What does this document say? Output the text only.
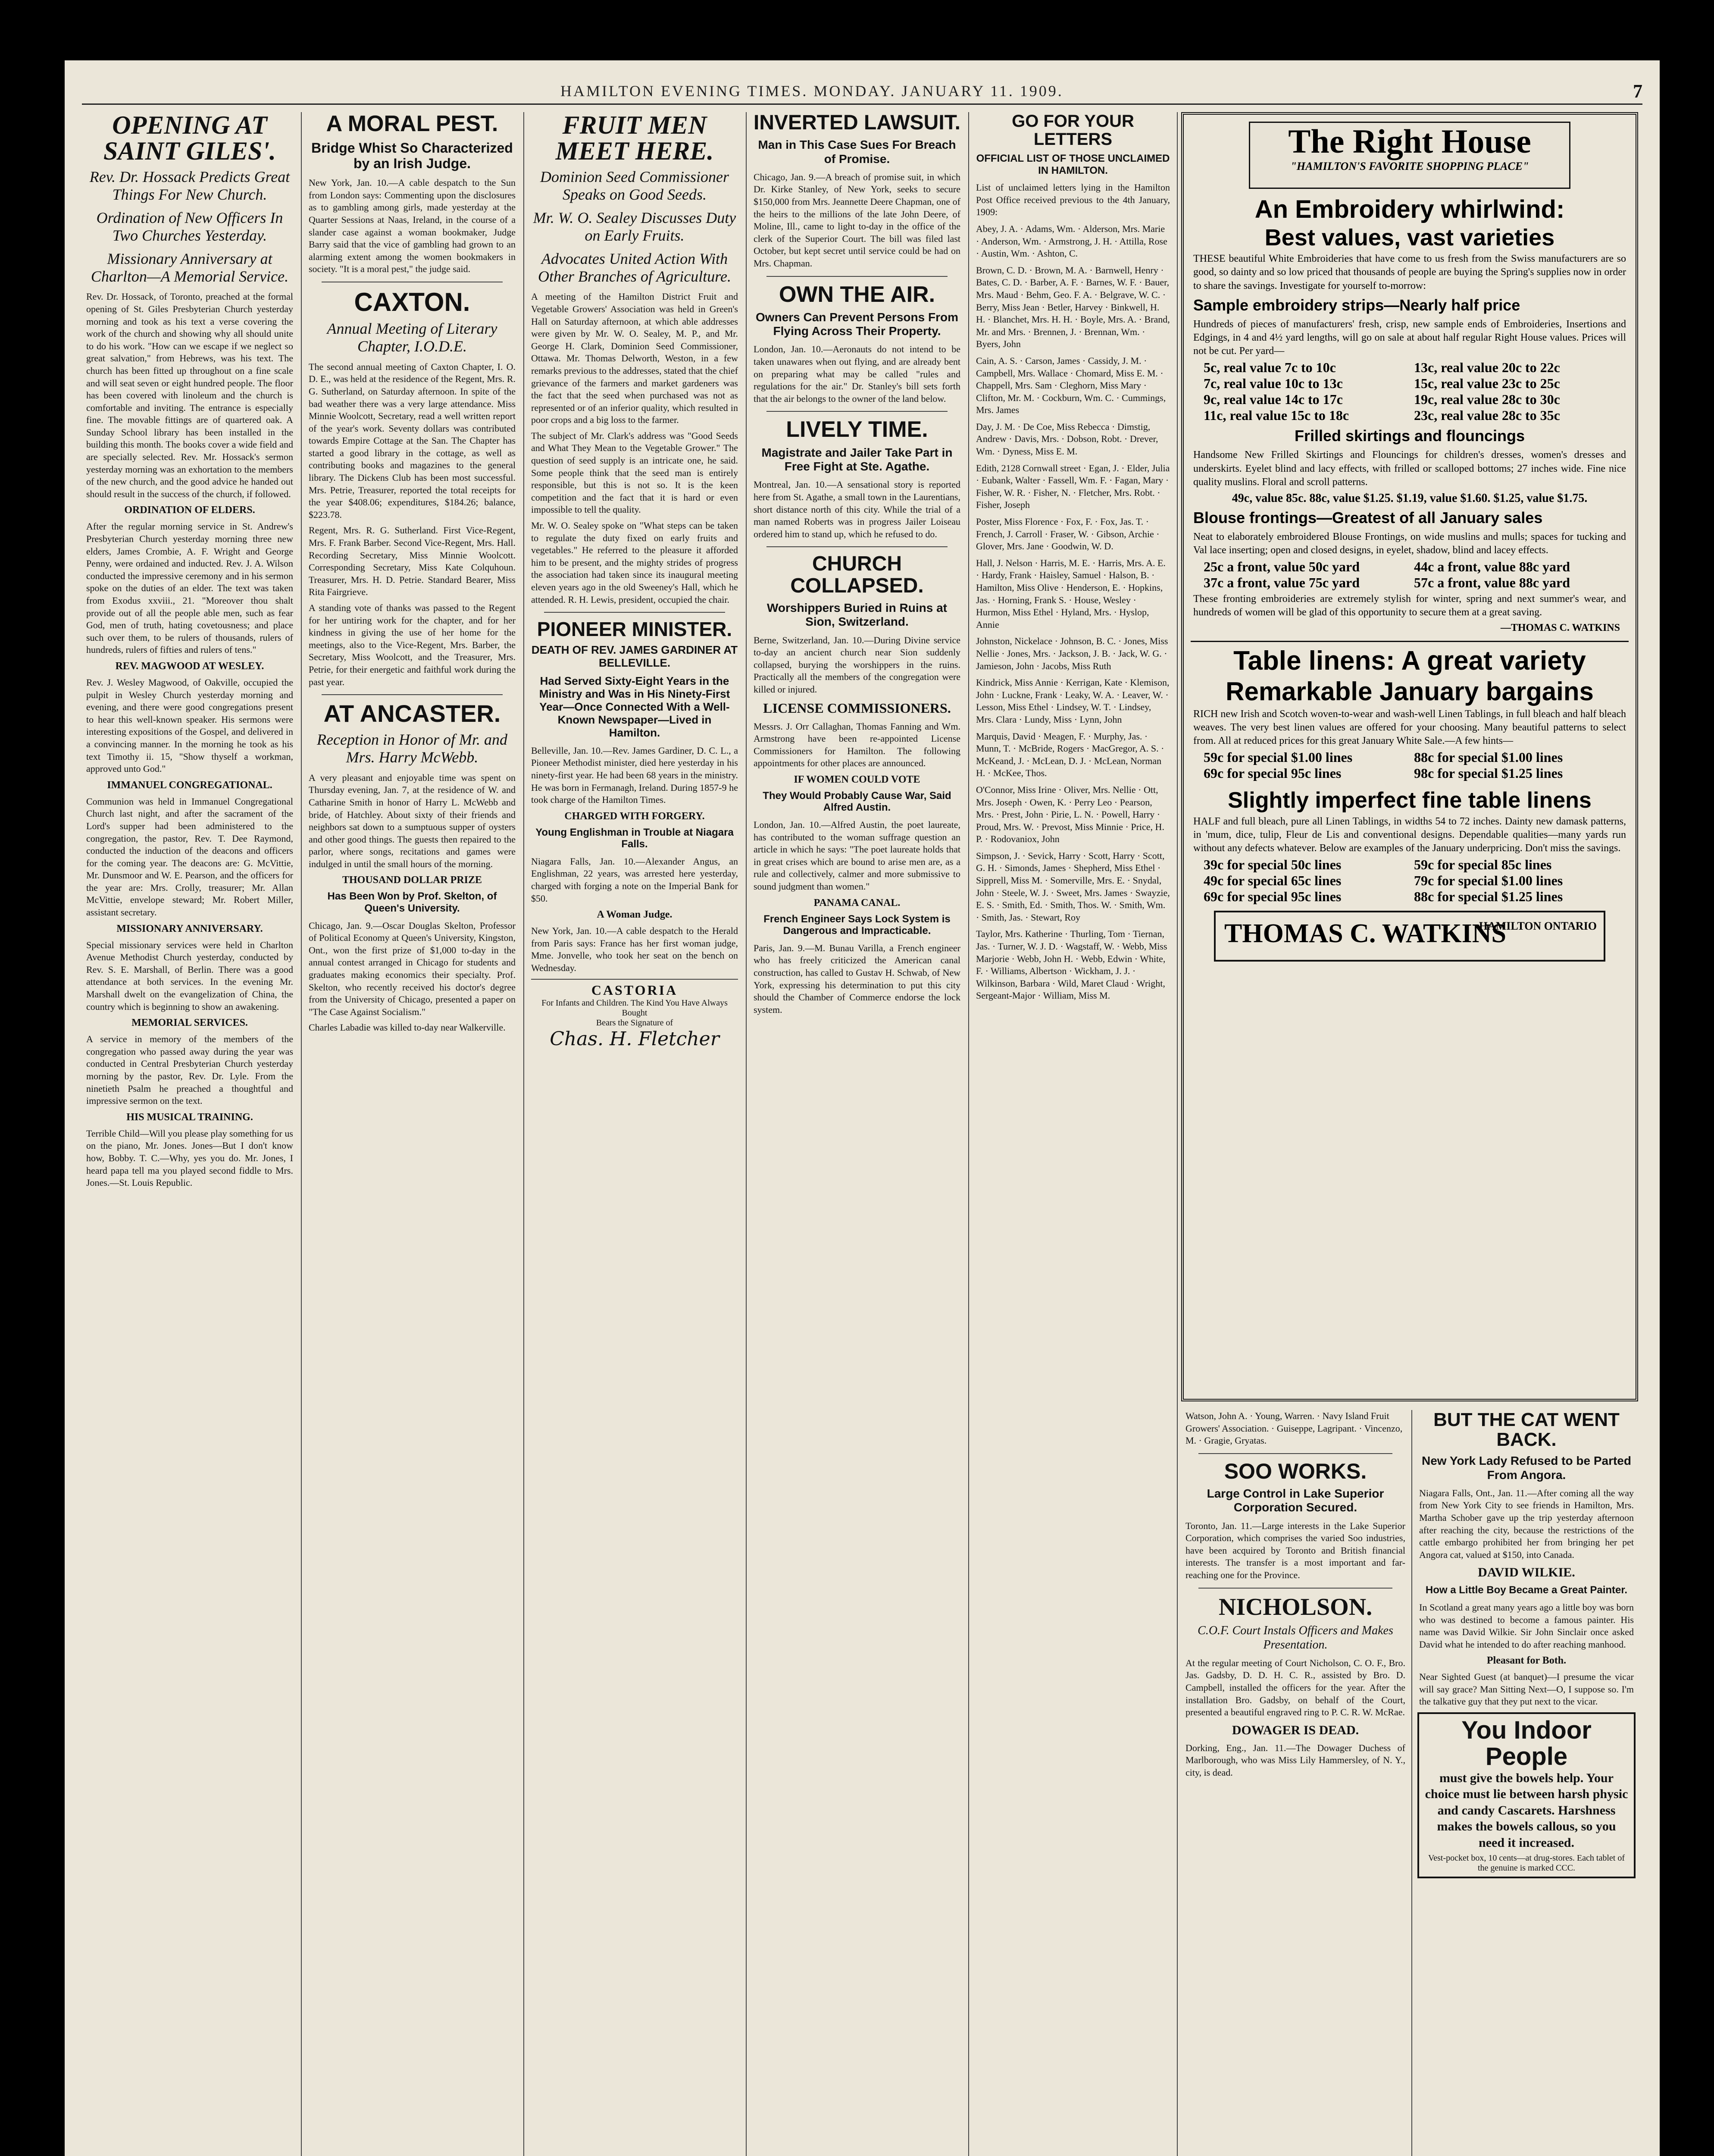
HAMILTON EVENING TIMES. MONDAY. JANUARY 11. 1909.	7
OPENING AT SAINT GILES'.
Rev. Dr. Hossack Predicts Great Things For New Church.
Ordination of New Officers In Two Churches Yesterday.
Missionary Anniversary at Charlton—A Memorial Service.
Rev. Dr. Hossack, of Toronto, preached at the formal opening of St. Giles Presbyterian Church yesterday morning and took as his text a verse covering the work of the church and showing why all should unite to do his work. "How can we escape if we neglect so great salvation," from Hebrews, was his text. The church has been fitted up throughout on a fine scale and will seat seven or eight hundred people. The floor has been covered with linoleum and the church is comfortable and inviting. The entrance is especially fine. The movable fittings are of quartered oak. A Sunday School library has been installed in the building this month. The books cover a wide field and are specially selected. Rev. Mr. Hossack's sermon yesterday morning was an exhortation to the members of the new church, and the good advice he handed out should result in the success of the church, if followed.
ORDINATION OF ELDERS.
After the regular morning service in St. Andrew's Presbyterian Church yesterday morning three new elders, James Crombie, A. F. Wright and George Penny, were ordained and inducted. Rev. J. A. Wilson conducted the impressive ceremony and in his sermon spoke on the duties of an elder. The text was taken from Exodus xxviii., 21. "Moreover thou shalt provide out of all the people able men, such as fear God, men of truth, hating covetousness; and place such over them, to be rulers of thousands, rulers of hundreds, rulers of fifties and rulers of tens."
REV. MAGWOOD AT WESLEY.
Rev. J. Wesley Magwood, of Oakville, occupied the pulpit in Wesley Church yesterday morning and evening, and there were good congregations present to hear this well-known speaker. His sermons were interesting expositions of the Gospel, and delivered in a convincing manner. In the morning he took as his text Timothy ii. 15, "Show thyself a workman, approved unto God."
IMMANUEL CONGREGATIONAL.
Communion was held in Immanuel Congregational Church last night, and after the sacrament of the Lord's supper had been administered to the congregation, the pastor, Rev. T. Dee Raymond, conducted the induction of the deacons and officers for the coming year. The deacons are: G. McVittie, Mr. Dunsmoor and W. E. Pearson, and the officers for the year are: Mrs. Crolly, treasurer; Mr. Allan McVittie, envelope steward; Mr. Robert Miller, assistant secretary.
MISSIONARY ANNIVERSARY.
Special missionary services were held in Charlton Avenue Methodist Church yesterday, conducted by Rev. S. E. Marshall, of Berlin. There was a good attendance at both services. In the evening Mr. Marshall dwelt on the evangelization of China, the country which is beginning to show an awakening.
MEMORIAL SERVICES.
A service in memory of the members of the congregation who passed away during the year was conducted in Central Presbyterian Church yesterday morning by the pastor, Rev. Dr. Lyle. From the ninetieth Psalm he preached a thoughtful and impressive sermon on the text.
HIS MUSICAL TRAINING.
Terrible Child—Will you please play something for us on the piano, Mr. Jones. Jones—But I don't know how, Bobby. T. C.—Why, yes you do. Mr. Jones, I heard papa tell ma you played second fiddle to Mrs. Jones.—St. Louis Republic.
A MORAL PEST.
Bridge Whist So Characterized by an Irish Judge.
New York, Jan. 10.—A cable despatch to the Sun from London says: Commenting upon the disclosures as to gambling among girls, made yesterday at the Quarter Sessions at Naas, Ireland, in the course of a slander case against a woman bookmaker, Judge Barry said that the vice of gambling had grown to an alarming extent among the women bookmakers in society. "It is a moral pest," the judge said.
CAXTON.
Annual Meeting of Literary Chapter, I.O.D.E.
The second annual meeting of Caxton Chapter, I. O. D. E., was held at the residence of the Regent, Mrs. R. G. Sutherland, on Saturday afternoon. In spite of the bad weather there was a very large attendance. Miss Minnie Woolcott, Secretary, read a well written report of the year's work. Seventy dollars was contributed towards Empire Cottage at the San. The Chapter has started a good library in the cottage, as well as contributing books and magazines to the general library. The Dickens Club has been most successful. Mrs. Petrie, Treasurer, reported the total receipts for the year $408.06; expenditures, $184.26; balance, $223.78.
Regent, Mrs. R. G. Sutherland. First Vice-Regent, Mrs. F. Frank Barber. Second Vice-Regent, Mrs. Hall. Recording Secretary, Miss Minnie Woolcott. Corresponding Secretary, Miss Kate Colquhoun. Treasurer, Mrs. H. D. Petrie. Standard Bearer, Miss Rita Fairgrieve.
A standing vote of thanks was passed to the Regent for her untiring work for the chapter, and for her kindness in giving the use of her home for the meetings, also to the Vice-Regent, Mrs. Barber, the Secretary, Miss Woolcott, and the Treasurer, Mrs. Petrie, for their energetic and faithful work during the past year.
AT ANCASTER.
Reception in Honor of Mr. and Mrs. Harry McWebb.
A very pleasant and enjoyable time was spent on Thursday evening, Jan. 7, at the residence of W. and Catharine Smith in honor of Harry L. McWebb and bride, of Hatchley. About sixty of their friends and neighbors sat down to a sumptuous supper of oysters and other good things. The guests then repaired to the parlor, where songs, recitations and games were indulged in until the small hours of the morning.
THOUSAND DOLLAR PRIZE
Has Been Won by Prof. Skelton, of Queen's University.
Chicago, Jan. 9.—Oscar Douglas Skelton, Professor of Political Economy at Queen's University, Kingston, Ont., won the first prize of $1,000 to-day in the annual contest arranged in Chicago for students and graduates making economics their specialty. Prof. Skelton, who recently received his doctor's degree from the University of Chicago, presented a paper on "The Case Against Socialism."
Charles Labadie was killed to-day near Walkerville.
FRUIT MEN MEET HERE.
Dominion Seed Commissioner Speaks on Good Seeds.
Mr. W. O. Sealey Discusses Duty on Early Fruits.
Advocates United Action With Other Branches of Agriculture.
A meeting of the Hamilton District Fruit and Vegetable Growers' Association was held in Green's Hall on Saturday afternoon, at which able addresses were given by Mr. W. O. Sealey, M. P., and Mr. George H. Clark, Dominion Seed Commissioner, Ottawa. Mr. Thomas Delworth, Weston, in a few remarks previous to the addresses, stated that the chief grievance of the farmers and market gardeners was the fact that the seed when purchased was not as represented or of an inferior quality, which resulted in poor crops and a big loss to the farmer.
The subject of Mr. Clark's address was "Good Seeds and What They Mean to the Vegetable Grower." The question of seed supply is an intricate one, he said. Some people think that the seed man is entirely responsible, but this is not so. It is the keen competition and the fact that it is hard or even impossible to tell the quality.
Mr. W. O. Sealey spoke on "What steps can be taken to regulate the duty fixed on early fruits and vegetables." He referred to the pleasure it afforded him to be present, and the mighty strides of progress the association had taken since its inaugural meeting eleven years ago in the old Sweeney's Hall, which he attended. R. H. Lewis, president, occupied the chair.
PIONEER MINISTER.
DEATH OF REV. JAMES GARDINER AT BELLEVILLE.
Had Served Sixty-Eight Years in the Ministry and Was in His Ninety-First Year—Once Connected With a Well-Known Newspaper—Lived in Hamilton.
Belleville, Jan. 10.—Rev. James Gardiner, D. C. L., a Pioneer Methodist minister, died here yesterday in his ninety-first year. He had been 68 years in the ministry. He was born in Fermanagh, Ireland. During 1857-9 he took charge of the Hamilton Times.
CHARGED WITH FORGERY.
Young Englishman in Trouble at Niagara Falls.
Niagara Falls, Jan. 10.—Alexander Angus, an Englishman, 22 years, was arrested here yesterday, charged with forging a note on the Imperial Bank for $50.
A Woman Judge.
New York, Jan. 10.—A cable despatch to the Herald from Paris says: France has her first woman judge, Mme. Jonvelle, who took her seat on the bench on Wednesday.
CASTORIA
For Infants and Children. The Kind You Have Always Bought
Bears the Signature of
Chas. H. Fletcher
INVERTED LAWSUIT.
Man in This Case Sues For Breach of Promise.
Chicago, Jan. 9.—A breach of promise suit, in which Dr. Kirke Stanley, of New York, seeks to secure $150,000 from Mrs. Jeannette Deere Chapman, one of the heirs to the millions of the late John Deere, of Moline, Ill., came to light to-day in the office of the clerk of the Superior Court. The bill was filed last October, but kept secret until service could be had on Mrs. Chapman.
OWN THE AIR.
Owners Can Prevent Persons From Flying Across Their Property.
London, Jan. 10.—Aeronauts do not intend to be taken unawares when out flying, and are already bent on preparing what may be called "rules and regulations for the air." Dr. Stanley's bill sets forth that the air belongs to the owner of the land below.
LIVELY TIME.
Magistrate and Jailer Take Part in Free Fight at Ste. Agathe.
Montreal, Jan. 10.—A sensational story is reported here from St. Agathe, a small town in the Laurentians, short distance north of this city. While the trial of a man named Roberts was in progress Jailer Loiseau ordered him to stand up, which he refused to do.
CHURCH COLLAPSED.
Worshippers Buried in Ruins at Sion, Switzerland.
Berne, Switzerland, Jan. 10.—During Divine service to-day an ancient church near Sion suddenly collapsed, burying the worshippers in the ruins. Practically all the members of the congregation were killed or injured.
LICENSE COMMISSIONERS.
Messrs. J. Orr Callaghan, Thomas Fanning and Wm. Armstrong have been re-appointed License Commissioners for Hamilton. The following appointments for other places are announced.
IF WOMEN COULD VOTE
They Would Probably Cause War, Said Alfred Austin.
London, Jan. 10.—Alfred Austin, the poet laureate, has contributed to the woman suffrage question an article in which he says: "The poet laureate holds that in great crises which are bound to arise men are, as a rule and collectively, calmer and more submissive to sound judgment than women."
PANAMA CANAL.
French Engineer Says Lock System is Dangerous and Impracticable.
Paris, Jan. 9.—M. Bunau Varilla, a French engineer who has freely criticized the American canal construction, has called to Gustav H. Schwab, of New York, expressing his determination to put this city should the Chamber of Commerce endorse the lock system.
GO FOR YOUR LETTERS
OFFICIAL LIST OF THOSE UNCLAIMED IN HAMILTON.
List of unclaimed letters lying in the Hamilton Post Office received previous to the 4th January, 1909:
Abey, J. A. · Adams, Wm. · Alderson, Mrs. Marie · Anderson, Wm. · Armstrong, J. H. · Attilla, Rose · Austin, Wm. · Ashton, C.
Brown, C. D. · Brown, M. A. · Barnwell, Henry · Bates, C. D. · Barber, A. F. · Barnes, W. F. · Bauer, Mrs. Maud · Behm, Geo. F. A. · Belgrave, W. C. · Berry, Miss Jean · Betler, Harvey · Binkwell, H. H. · Blanchet, Mrs. H. H. · Boyle, Mrs. A. · Brand, Mr. and Mrs. · Brennen, J. · Brennan, Wm. · Byers, John
Cain, A. S. · Carson, James · Cassidy, J. M. · Campbell, Mrs. Wallace · Chomard, Miss E. M. · Chappell, Mrs. Sam · Cleghorn, Miss Mary · Clifton, Mr. M. · Cockburn, Wm. C. · Cummings, Mrs. James
Day, J. M. · De Coe, Miss Rebecca · Dimstig, Andrew · Davis, Mrs. · Dobson, Robt. · Drever, Wm. · Dyness, Miss E. M.
Edith, 2128 Cornwall street · Egan, J. · Elder, Julia · Eubank, Walter · Fassell, Wm. F. · Fagan, Mary · Fisher, W. R. · Fisher, N. · Fletcher, Mrs. Robt. · Fisher, Joseph
Poster, Miss Florence · Fox, F. · Fox, Jas. T. · French, J. Carroll · Fraser, W. · Gibson, Archie · Glover, Mrs. Jane · Goodwin, W. D.
Hall, J. Nelson · Harris, M. E. · Harris, Mrs. A. E. · Hardy, Frank · Haisley, Samuel · Halson, B. · Hamilton, Miss Olive · Henderson, E. · Hopkins, Jas. · Horning, Frank S. · House, Wesley · Hurmon, Miss Ethel · Hyland, Mrs. · Hyslop, Annie
Johnston, Nickelace · Johnson, B. C. · Jones, Miss Nellie · Jones, Mrs. · Jackson, J. B. · Jack, W. G. · Jamieson, John · Jacobs, Miss Ruth
Kindrick, Miss Annie · Kerrigan, Kate · Klemison, John · Luckne, Frank · Leaky, W. A. · Leaver, W. · Lesson, Miss Ethel · Lindsey, W. T. · Lindsey, Mrs. Clara · Lundy, Miss · Lynn, John
Marquis, David · Meagen, F. · Murphy, Jas. · Munn, T. · McBride, Rogers · MacGregor, A. S. · McKeand, J. · McLean, D. J. · McLean, Norman H. · McKee, Thos.
O'Connor, Miss Irine · Oliver, Mrs. Nellie · Ott, Mrs. Joseph · Owen, K. · Perry Leo · Pearson, Mrs. · Prest, John · Pirie, L. N. · Powell, Harry · Proud, Mrs. W. · Prevost, Miss Minnie · Price, H. P. · Rodovaniox, John
Simpson, J. · Sevick, Harry · Scott, Harry · Scott, G. H. · Simonds, James · Shepherd, Miss Ethel · Sipprell, Miss M. · Somerville, Mrs. E. · Snydal, John · Steele, W. J. · Sweet, Mrs. James · Swayzie, E. S. · Smith, Ed. · Smith, Thos. W. · Smith, Wm. · Smith, Jas. · Stewart, Roy
Taylor, Mrs. Katherine · Thurling, Tom · Tiernan, Jas. · Turner, W. J. D. · Wagstaff, W. · Webb, Miss Marjorie · Webb, John H. · Webb, Edwin · White, F. · Williams, Albertson · Wickham, J. J. · Wilkinson, Barbara · Wild, Maret Claud · Wright, Sergeant-Major · William, Miss M.
The Right House
"HAMILTON'S FAVORITE SHOPPING PLACE"
An Embroidery whirlwind:
Best values, vast varieties
THESE beautiful White Embroideries that have come to us fresh from the Swiss manufacturers are so good, so dainty and so low priced that thousands of people are buying the Spring's supplies now in order to share the savings. Investigate for yourself to-morrow:
Sample embroidery strips—Nearly half price
Hundreds of pieces of manufacturers' fresh, crisp, new sample ends of Embroideries, Insertions and Edgings, in 4 and 4½ yard lengths, will go on sale at about half regular Right House values. Prices will not be cut. Per yard—
5c, real value 7c to 10c	13c, real value 20c to 22c
7c, real value 10c to 13c	15c, real value 23c to 25c
9c, real value 14c to 17c	19c, real value 28c to 30c
11c, real value 15c to 18c	23c, real value 28c to 35c
Frilled skirtings and flouncings
Handsome New Frilled Skirtings and Flouncings for children's dresses, women's dresses and underskirts. Eyelet blind and lacy effects, with frilled or scalloped bottoms; 27 inches wide. Fine nice quality muslins. Floral and scroll patterns.
49c, value 85c. 88c, value $1.25. $1.19, value $1.60. $1.25, value $1.75.
Blouse frontings—Greatest of all January sales
Neat to elaborately embroidered Blouse Frontings, on wide muslins and mulls; spaces for tucking and Val lace inserting; open and closed designs, in eyelet, shadow, blind and lacey effects.
25c a front, value 50c yard	44c a front, value 88c yard
37c a front, value 75c yard	57c a front, value 88c yard
These fronting embroideries are extremely stylish for winter, spring and next summer's wear, and hundreds of women will be glad of this opportunity to secure them at a great saving.
—THOMAS C. WATKINS
Table linens: A great variety
Remarkable January bargains
RICH new Irish and Scotch woven-to-wear and wash-well Linen Tablings, in full bleach and half bleach weaves. The very best linen values are offered for your choosing. Many beautiful patterns to select from. All at reduced prices for this great January White Sale.—A few hints—
59c for special $1.00 lines	88c for special $1.00 lines
69c for special 95c lines	98c for special $1.25 lines
Slightly imperfect fine table linens
HALF and full bleach, pure all Linen Tablings, in widths 54 to 72 inches. Dainty new damask patterns, in 'mum, dice, tulip, Fleur de Lis and conventional designs. Dependable qualities—many yards run without any defects whatever. Below are examples of the January underpricing. Don't miss the savings.
39c for special 50c lines	59c for special 85c lines
49c for special 65c lines	79c for special $1.00 lines
69c for special 95c lines	88c for special $1.25 lines
THOMAS C. WATKINS
HAMILTON ONTARIO
Watson, John A. · Young, Warren. · Navy Island Fruit Growers' Association. · Guiseppe, Lagripant. · Vincenzo, M. · Gragie, Gryatas.
SOO WORKS.
Large Control in Lake Superior Corporation Secured.
Toronto, Jan. 11.—Large interests in the Lake Superior Corporation, which comprises the varied Soo industries, have been acquired by Toronto and British financial interests. The transfer is a most important and far-reaching one for the Province.
NICHOLSON.
C.O.F. Court Instals Officers and Makes Presentation.
At the regular meeting of Court Nicholson, C. O. F., Bro. Jas. Gadsby, D. D. H. C. R., assisted by Bro. D. Campbell, installed the officers for the year. After the installation Bro. Gadsby, on behalf of the Court, presented a beautiful engraved ring to P. C. R. W. McRae.
DOWAGER IS DEAD.
Dorking, Eng., Jan. 11.—The Dowager Duchess of Marlborough, who was Miss Lily Hammersley, of N. Y., city, is dead.
BUT THE CAT WENT BACK.
New York Lady Refused to be Parted From Angora.
Niagara Falls, Ont., Jan. 11.—After coming all the way from New York City to see friends in Hamilton, Mrs. Martha Schober gave up the trip yesterday afternoon after reaching the city, because the restrictions of the cattle embargo prohibited her from bringing her pet Angora cat, valued at $150, into Canada.
DAVID WILKIE.
How a Little Boy Became a Great Painter.
In Scotland a great many years ago a little boy was born who was destined to become a famous painter. His name was David Wilkie. Sir John Sinclair once asked David what he intended to do after reaching manhood.
Pleasant for Both.
Near Sighted Guest (at banquet)—I presume the vicar will say grace? Man Sitting Next—O, I suppose so. I'm the talkative guy that they put next to the vicar.
You Indoor People
must give the bowels help. Your choice must lie between harsh physic and candy Cascarets. Harshness makes the bowels callous, so you need it increased.
Vest-pocket box, 10 cents—at drug-stores. Each tablet of the genuine is marked CCC.
